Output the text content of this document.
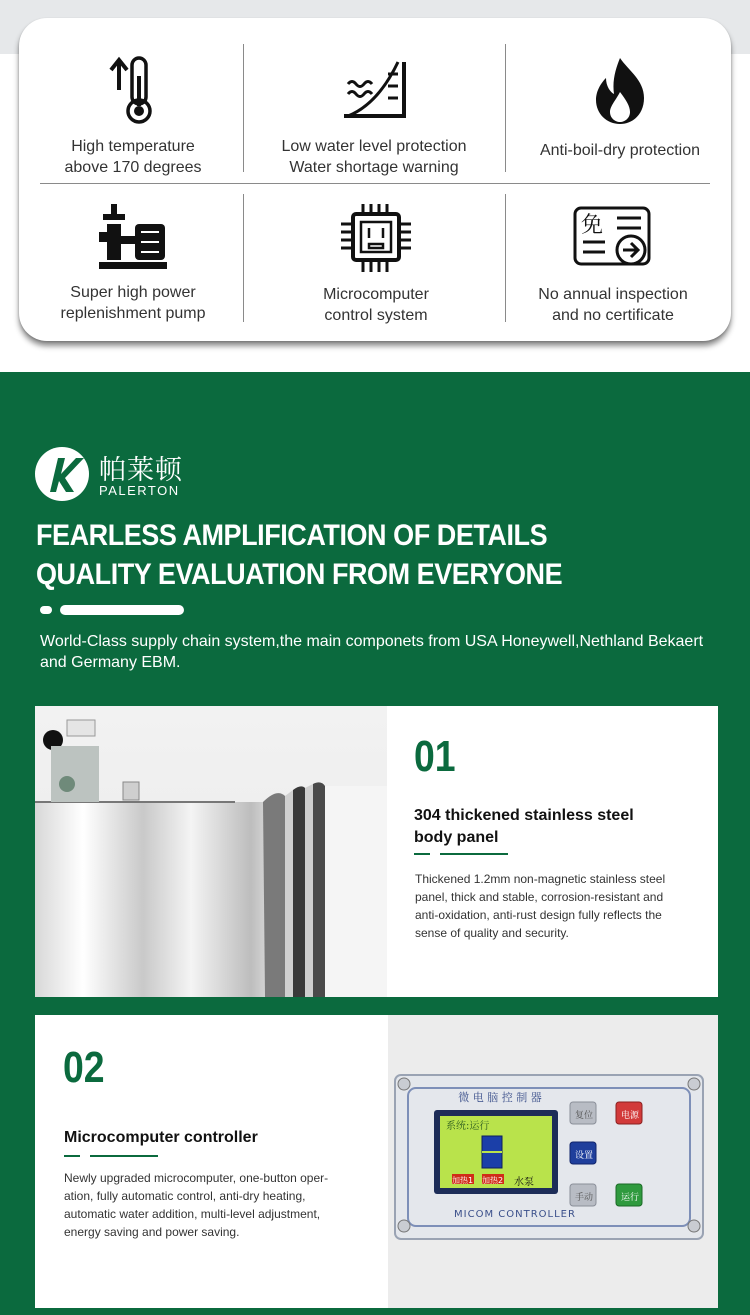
High temperature
above 170 degrees
Low water level protection
Water shortage warning
Anti-boil-dry protection
Super high power
replenishment pump
Microcomputer
control system
免
No annual inspection
and no certificate
帕莱顿
PALERTON
FEARLESS AMPLIFICATION OF DETAILS QUALITY EVALUATION FROM EVERYONE
World-Class supply chain system,the main componets from USA Honeywell,Nethland Bekaert and Germany EBM.
01
304 thickened stainless steel body panel
Thickened 1.2mm non-magnetic stainless steel panel, thick and stable, corrosion-resistant and anti-oxidation, anti-rust design fully reflects the sense of quality and security.
02
Microcomputer controller
Newly upgraded microcomputer, one-button oper-ation, fully automatic control, anti-dry heating, automatic water addition, multi-level adjustment, energy saving and power saving.
微 电 脑 控 制 器
系统:运行
加热1 加热2 水泵
复位	电源
设置
手动	运行
MICOM CONTROLLER
